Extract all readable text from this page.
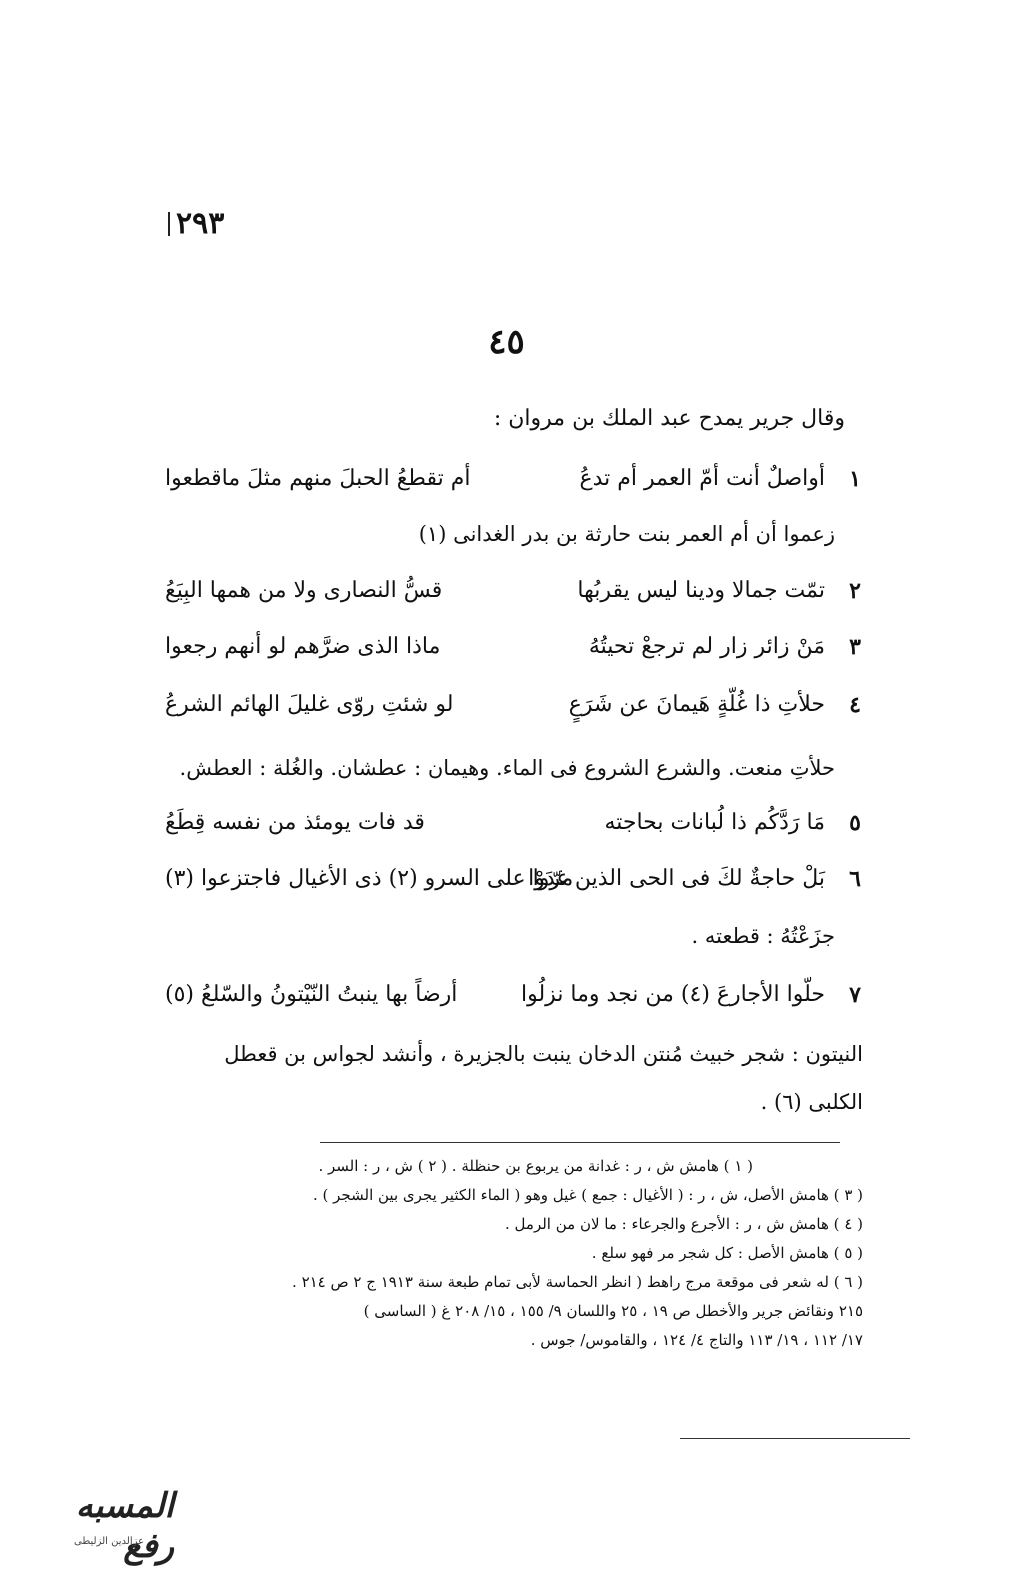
٢٩٣
٤٥
وقال جرير يمدح عبد الملك بن مروان :
١
أواصلٌ أنت أمّ العمر أم تدعُ
أم تقطعُ الحبلَ منهم مثلَ ماقطعوا
زعموا أن أم العمر بنت حارثة بن بدر الغدانى (١)
٢
تمّت جمالا ودينا ليس يقربُها
قسُّ النصارى ولا من همها البِيَعُ
٣
مَنْ زائر زار لم ترجعْ تحيتُهُ
ماذا الذى ضرَّهم لو أنهم رجعوا
٤
حلأتِ ذا غُلّةٍ هَيمانَ عن شَرَعٍ
لو شئتِ روّى غليلَ الهائم الشرعُ
حلأتِ منعت. والشرع الشروع فى الماء. وهيمان : عطشان. والغُلة : العطش.
٥
مَا رَدَّكُم ذا لُبانات بحاجته
قد فات يومئذ من نفسه قِطَعُ
٦
بَلْ حاجةٌ لكَ فى الحى الذين غدَوْا
مرّوا على السرو (٢) ذى الأغيال فاجتزعوا (٣)
جزَعْتُهُ : قطعته .
٧
حلّوا الأجارعَ (٤) من نجد وما نزلُوا
أرضاً بها ينبتُ النّيْتونُ والسّلعُ (٥)
النيتون : شجر خبيث مُنتن الدخان ينبت بالجزيرة ، وأنشد لجواس بن قعطل الكلبى (٦) .
( ١ ) هامش ش ، ر : غدانة من يربوع بن حنظلة . ( ٢ ) ش ، ر : السر .
( ٣ ) هامش الأصل، ش ، ر : ( الأغيال : جمع ) غيل وهو ( الماء الكثير يجرى بين الشجر ) .
( ٤ ) هامش ش ، ر : الأجرع والجرعاء : ما لان من الرمل .
( ٥ ) هامش الأصل : كل شجر مر فهو سلع .
( ٦ ) له شعر فى موقعة مرج راهط ( انظر الحماسة لأبى تمام طبعة سنة ١٩١٣ ج ٢ ص ٢١٤ .
٢١٥ ونقائض جرير والأخطل ص ١٩ ، ٢٥ واللسان ٩/ ١٥٥ ، ١٥/ ٢٠٨ غ ( الساسى )
١٧/ ١١٢ ، ١٩/ ١١٣ والتاج ٤/ ١٢٤ ، والقاموس/ جوس .
المسبه رفع
عزالدين الزليطى
